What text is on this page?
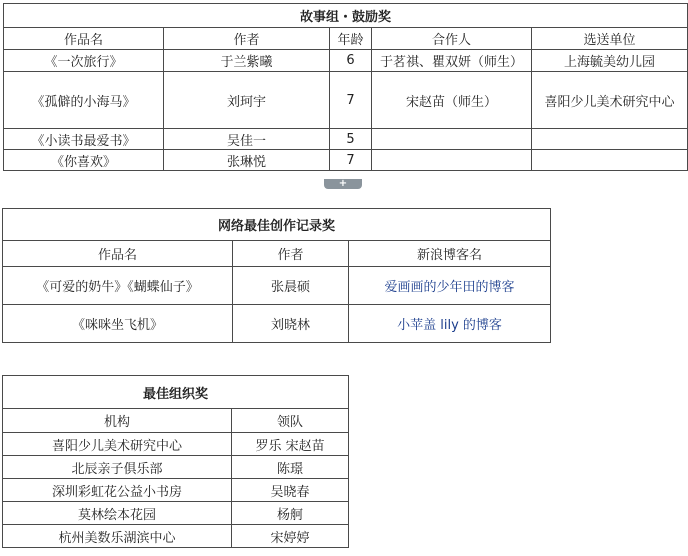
故事组・鼓励奖				
作品名	作者	年龄	合作人	选送单位
《一次旅行》	于兰紫曦	6	于茗祺、瞿双妍（师生）	上海毓美幼儿园
《孤僻的小海马》	刘珂宇	7	宋赵苗（师生）	喜阳少儿美术研究中心
《小读书最爱书》	吴佳一	5		
《你喜欢》	张琳悦	7		
+
网络最佳创作记录奖		
作品名	作者	新浪博客名
《可爱的奶牛》《蝴蝶仙子》	张晨硕	爱画画的少年田的博客
《咪咪坐飞机》	刘晓林	小苹盖 lily 的博客
最佳组织奖	
机构	领队
喜阳少儿美术研究中心	罗乐 宋赵苗
北辰亲子俱乐部	陈璟
深圳彩虹花公益小书房	吴晓春
莫林绘本花园	杨舸
杭州美数乐湖滨中心	宋婷婷
